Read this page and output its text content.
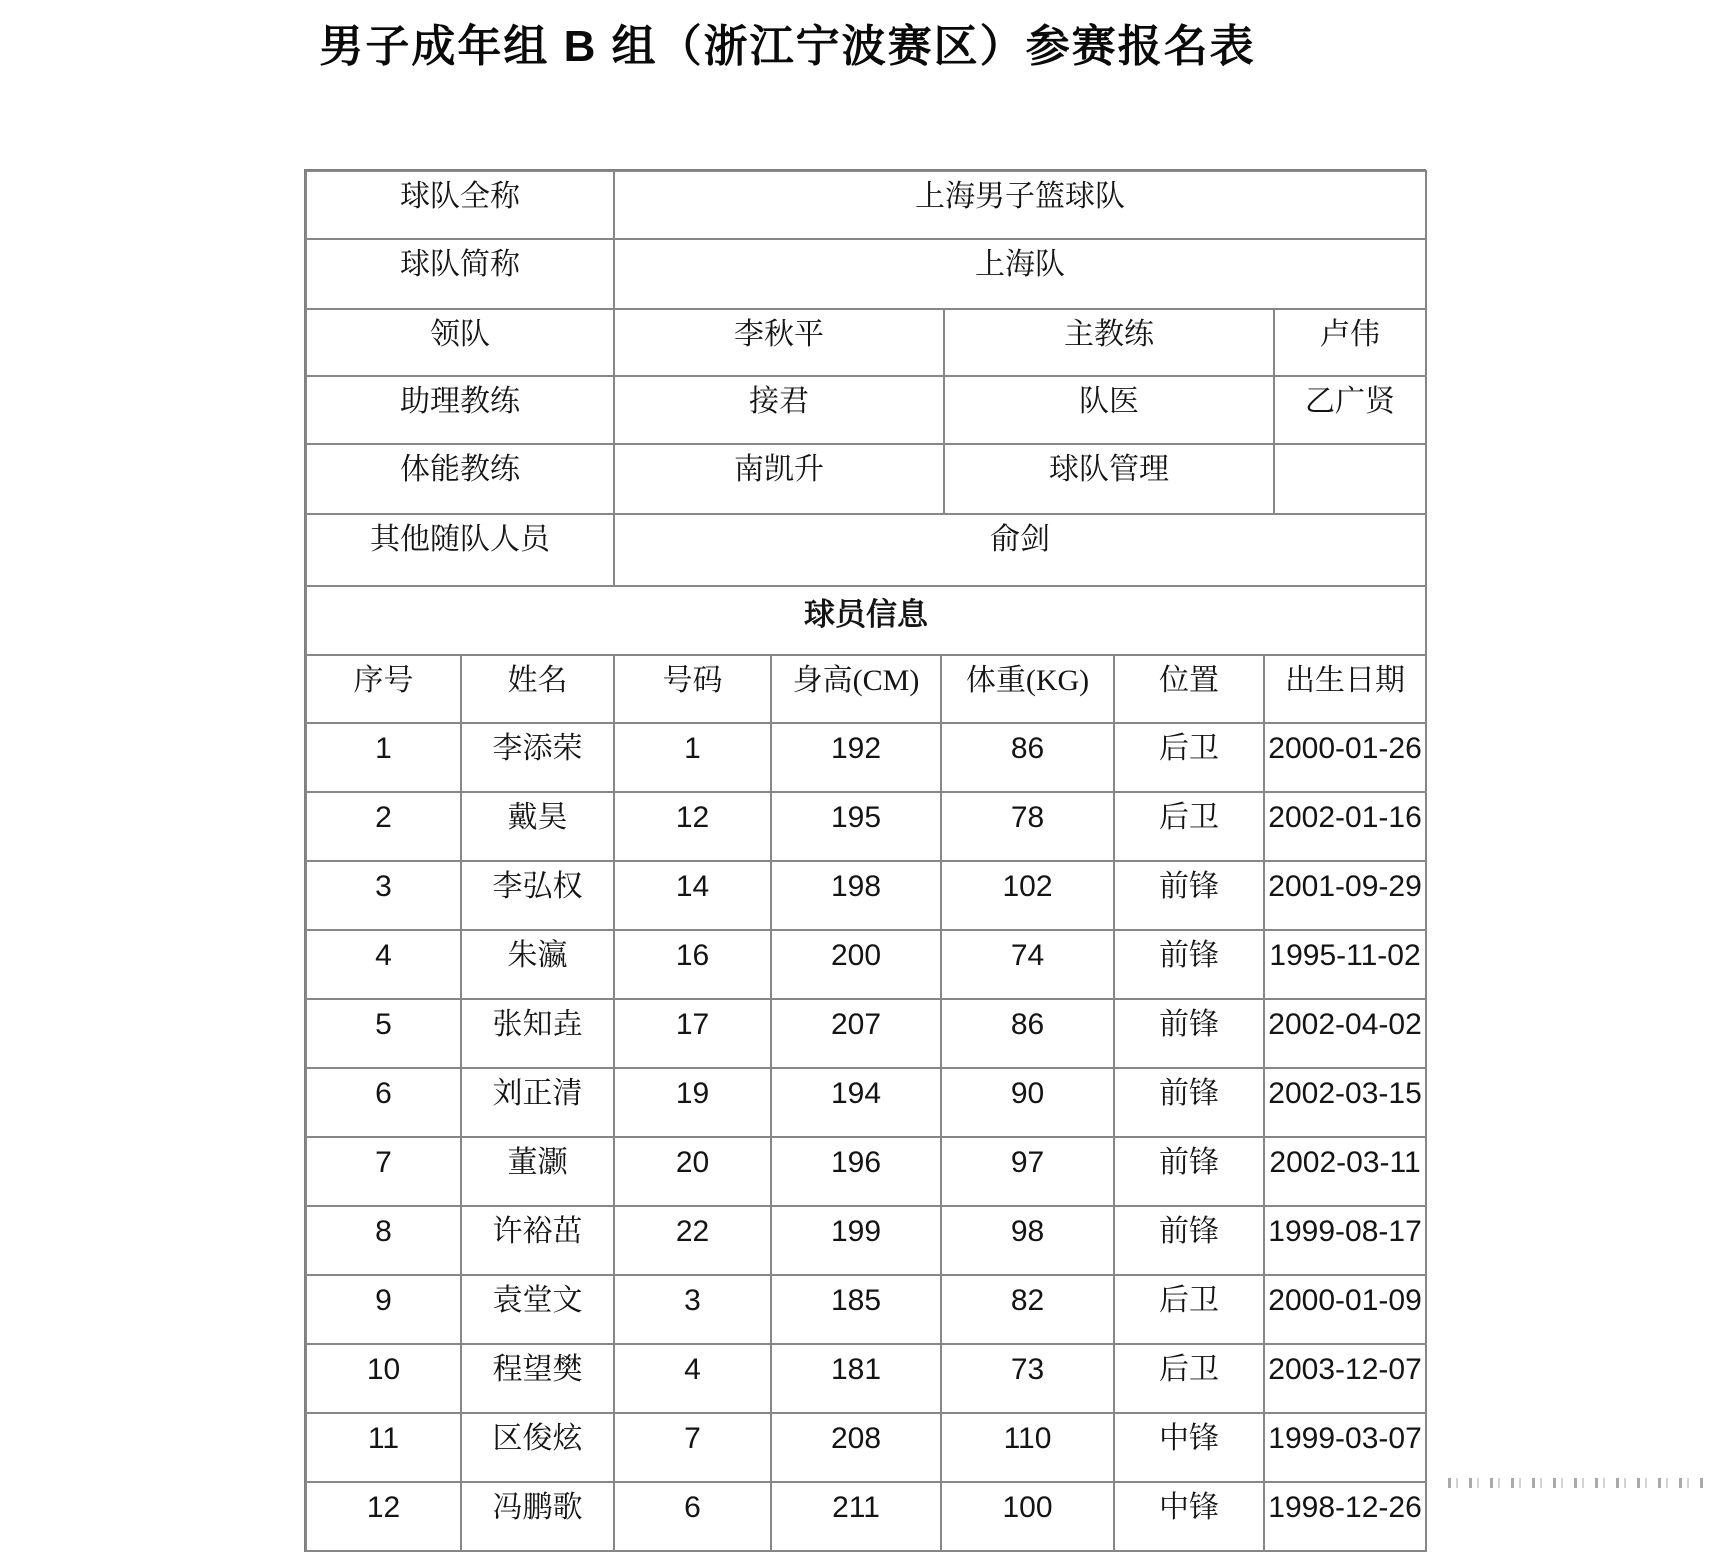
男子成年组 B 组（浙江宁波赛区）参赛报名表
球队全称	上海男子篮球队		
球队简称	上海队		
领队	李秋平	主教练	卢伟
助理教练	接君	队医	乙广贤
体能教练	南凯升	球队管理	
其他随队人员	俞剑		
球员信息						
序号	姓名	号码	身高(CM)	体重(KG)	位置	出生日期
1	李添荣	1	192	86	后卫	2000-01-26
2	戴昊	12	195	78	后卫	2002-01-16
3	李弘权	14	198	102	前锋	2001-09-29
4	朱瀛	16	200	74	前锋	1995-11-02
5	张知垚	17	207	86	前锋	2002-04-02
6	刘正清	19	194	90	前锋	2002-03-15
7	董灏	20	196	97	前锋	2002-03-11
8	许裕茁	22	199	98	前锋	1999-08-17
9	袁堂文	3	185	82	后卫	2000-01-09
10	程望樊	4	181	73	后卫	2003-12-07
11	区俊炫	7	208	110	中锋	1999-03-07
12	冯鹏歌	6	211	100	中锋	1998-12-26
